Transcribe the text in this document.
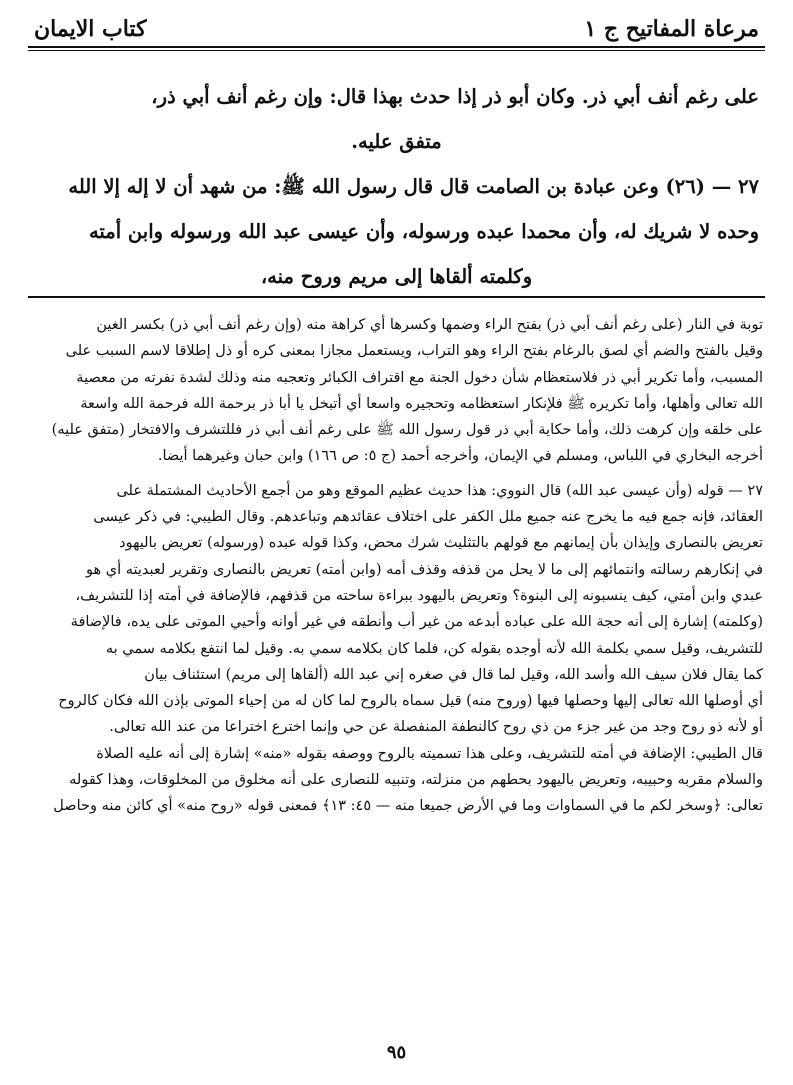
مرعاة المفاتيح ج ١
كتاب الايمان

على رغم أنف أبي ذر. وكان أبو ذر إذا حدث بهذا قال: وإن رغم أنف أبي ذر،

متفق عليه.

٢٧ — (٢٦) وعن عبادة بن الصامت قال قال رسول الله ﷺ: من شهد أن لا إله إلا الله

وحده لا شريك له، وأن محمدا عبده ورسوله، وأن عيسى عبد الله ورسوله وابن أمته

وكلمته ألقاها إلى مريم وروح منه،

توبة في النار (على رغم أنف أبي ذر) بفتح الراء وضمها وكسرها أي كراهة منه (وإن رغم أنف أبي ذر) بكسر الغين

وقيل بالفتح والضم أي لصق بالرغام بفتح الراء وهو التراب، ويستعمل مجازا بمعنى كره أو ذل إطلاقا لاسم السبب على

المسبب، وأما تكرير أبي ذر فلاستعظام شأن دخول الجنة مع اقتراف الكبائر وتعجبه منه وذلك لشدة نفرته من معصية

الله تعالى وأهلها، وأما تكريره ﷺ فلإنكار استعظامه وتحجيره واسعا أي أتبخل يا أبا ذر برحمة الله فرحمة الله واسعة

على خلقه وإن كرهت ذلك، وأما حكاية أبي ذر قول رسول الله ﷺ على رغم أنف أبي ذر فللتشرف والافتخار (متفق عليه)

أخرجه البخاري في اللباس، ومسلم في الإيمان، وأخرجه أحمد (ج ٥: ص ١٦٦) وابن حبان وغيرهما أيضا.

٢٧ — قوله (وأن عيسى عبد الله) قال النووي: هذا حديث عظيم الموقع وهو من أجمع الأحاديث المشتملة على

العقائد، فإنه جمع فيه ما يخرج عنه جميع ملل الكفر على اختلاف عقائدهم وتباعدهم. وقال الطيبي: في ذكر عيسى

تعريض بالنصارى وإيذان بأن إيمانهم مع قولهم بالتثليث شرك محض، وكذا قوله عبده (ورسوله) تعريض باليهود

في إنكارهم رسالته وانتمائهم إلى ما لا يحل من قذفه وقذف أمه (وابن أمته) تعريض بالنصارى وتقرير لعبديته أي هو

عبدي وابن أمتي، كيف ينسبونه إلى البنوة؟ وتعريض باليهود ببراءة ساحته من قذفهم، فالإضافة في أمته إذا للتشريف،

(وكلمته) إشارة إلى أنه حجة الله على عباده أبدعه من غير أب وأنطقه في غير أوانه وأحيي الموتى على يده، فالإضافة

للتشريف، وقيل سمي بكلمة الله لأنه أوجده بقوله كن، فلما كان بكلامه سمي به. وقيل لما انتفع بكلامه سمي به

كما يقال فلان سيف الله وأسد الله، وقيل لما قال في صغره إني عبد الله (ألقاها إلى مريم) استئناف بيان

أي أوصلها الله تعالى إليها وحصلها فيها (وروح منه) قيل سماه بالروح لما كان له من إحياء الموتى بإذن الله فكان كالروح

أو لأنه ذو روح وجد من غير جزء من ذي روح كالنطفة المنفصلة عن حي وإنما اخترع اختراعا من عند الله تعالى.

قال الطيبي: الإضافة في أمته للتشريف، وعلى هذا تسميته بالروح ووصفه بقوله «منه» إشارة إلى أنه عليه الصلاة

والسلام مقربه وحبيبه، وتعريض باليهود بحطهم من منزلته، وتنبيه للنصارى على أنه مخلوق من المخلوقات، وهذا كقوله

تعالى: ﴿وسخر لكم ما في السماوات وما في الأرض جميعا منه — ٤٥: ١٣﴾ فمعنى قوله «روح منه» أي كائن منه وحاصل

٩٥
